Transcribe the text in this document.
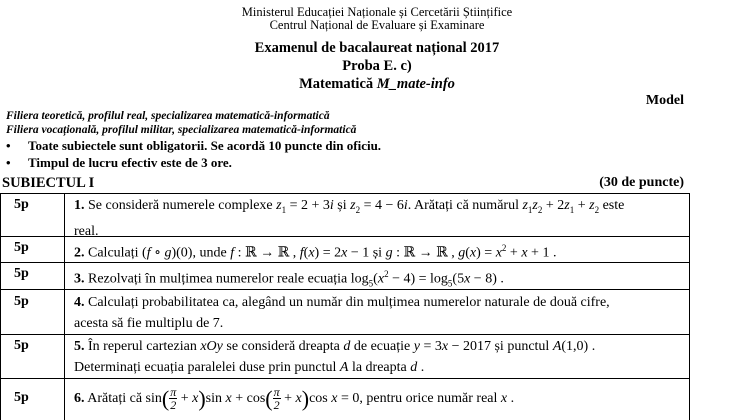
Ministerul Educației Naționale și Cercetării Științifice
Centrul Național de Evaluare și Examinare
Examenul de bacalaureat național 2017
Proba E. c)
Matematică M_mate-info
Model
Filiera teoretică, profilul real, specializarea matematică-informatică
Filiera vocațională, profilul militar, specializarea matematică-informatică
• Toate subiectele sunt obligatorii. Se acordă 10 puncte din oficiu.
• Timpul de lucru efectiv este de 3 ore.
SUBIECTUL I	(30 de puncte)
5p	1. Se consideră numerele complexe $z_1 = 2 + 3i$ și $z_2 = 4 - 6i$. Arătați că numărul $z_1z_2 + 2z_1 + z_2$ este
real.
5p	2. Calculați (f ∘ g)(0), unde f : ℝ → ℝ , f(x) = 2x − 1 și g : ℝ → ℝ , $g(x) = x^2 + x + 1$ .
5p	3. Rezolvați în mulțimea numerelor reale ecuația $\log_5(x^2 - 4) = \log_5(5x - 8)$ .
5p	4. Calculați probabilitatea ca, alegând un număr din mulțimea numerelor naturale de două cifre,
acesta să fie multiplu de 7.
5p	5. În reperul cartezian xOy se consideră dreapta d de ecuație y = 3x − 2017 și punctul A(1,0) .
Determinați ecuația paralelei duse prin punctul A la dreapta d .
5p	6. Arătați că $\sin( \frac{\pi}{2} + x)\sin$ $x + \cos( \frac{\pi}{2} + x)\cos$ x = 0, pentru orice număr real x .
